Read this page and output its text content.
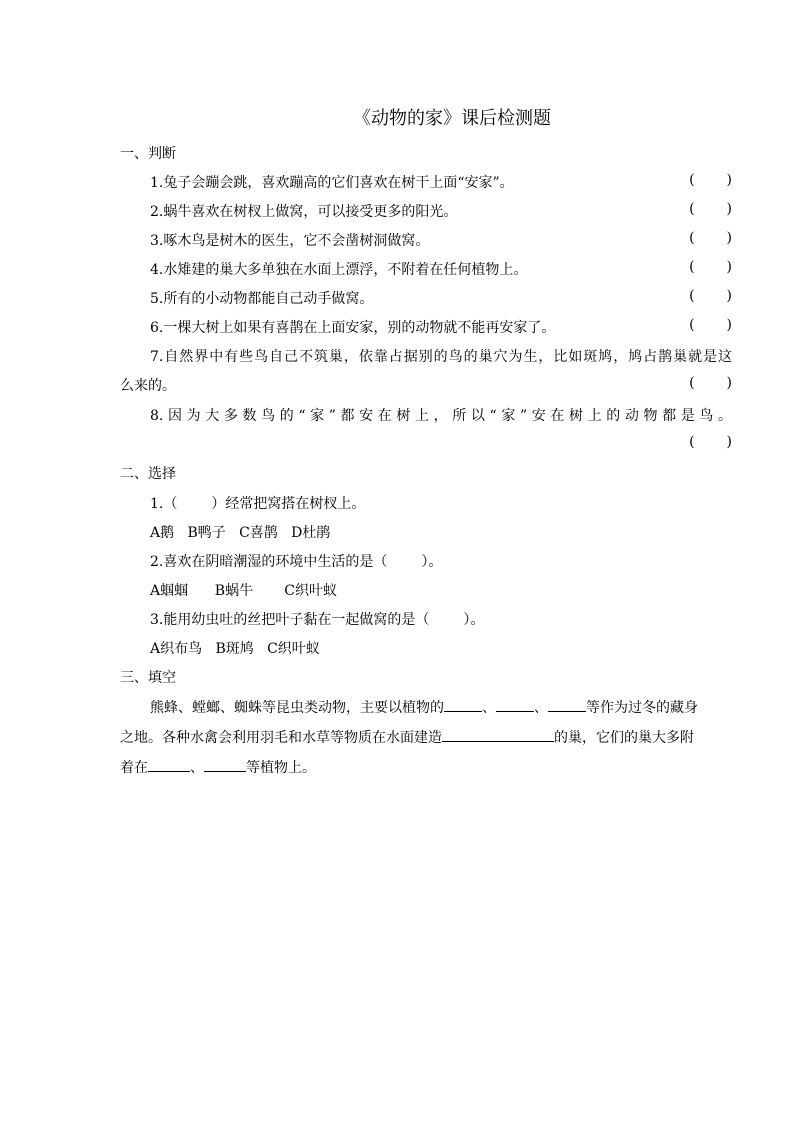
《动物的家》课后检测题
一、判断
1.兔子会蹦会跳，喜欢蹦高的它们喜欢在树干上面“安家”。	( )
2.蜗牛喜欢在树杈上做窝，可以接受更多的阳光。	( )
3.啄木鸟是树木的医生，它不会凿树洞做窝。	( )
4.水雉建的巢大多单独在水面上漂浮，不附着在任何植物上。	( )
5.所有的小动物都能自己动手做窝。	( )
6.一棵大树上如果有喜鹊在上面安家，别的动物就不能再安家了。	( )
7.自然界中有些鸟自己不筑巢，依靠占据别的鸟的巢穴为生，比如斑鸠，鸠占鹊巢就是这
么来的。	( )
8.因为大多数鸟的“家”都安在树上，所以“家”安在树上的动物都是鸟。
( )
二、选择
1.（ ）经常把窝搭在树杈上。
A鹅   B鸭子   C喜鹊   D杜鹃
2.喜欢在阴暗潮湿的环境中生活的是（ ）。
A蝈蝈      B蜗牛       C织叶蚁
3.能用幼虫吐的丝把叶子黏在一起做窝的是（ ）。
A织布鸟   B斑鸠   C织叶蚁
三、填空
熊蜂、螳螂、蜘蛛等昆虫类动物，主要以植物的	、	、	等作为过冬的藏身
之地。各种水禽会利用羽毛和水草等物质在水面建造	的巢，它们的巢大多附
着在	、	等植物上。
